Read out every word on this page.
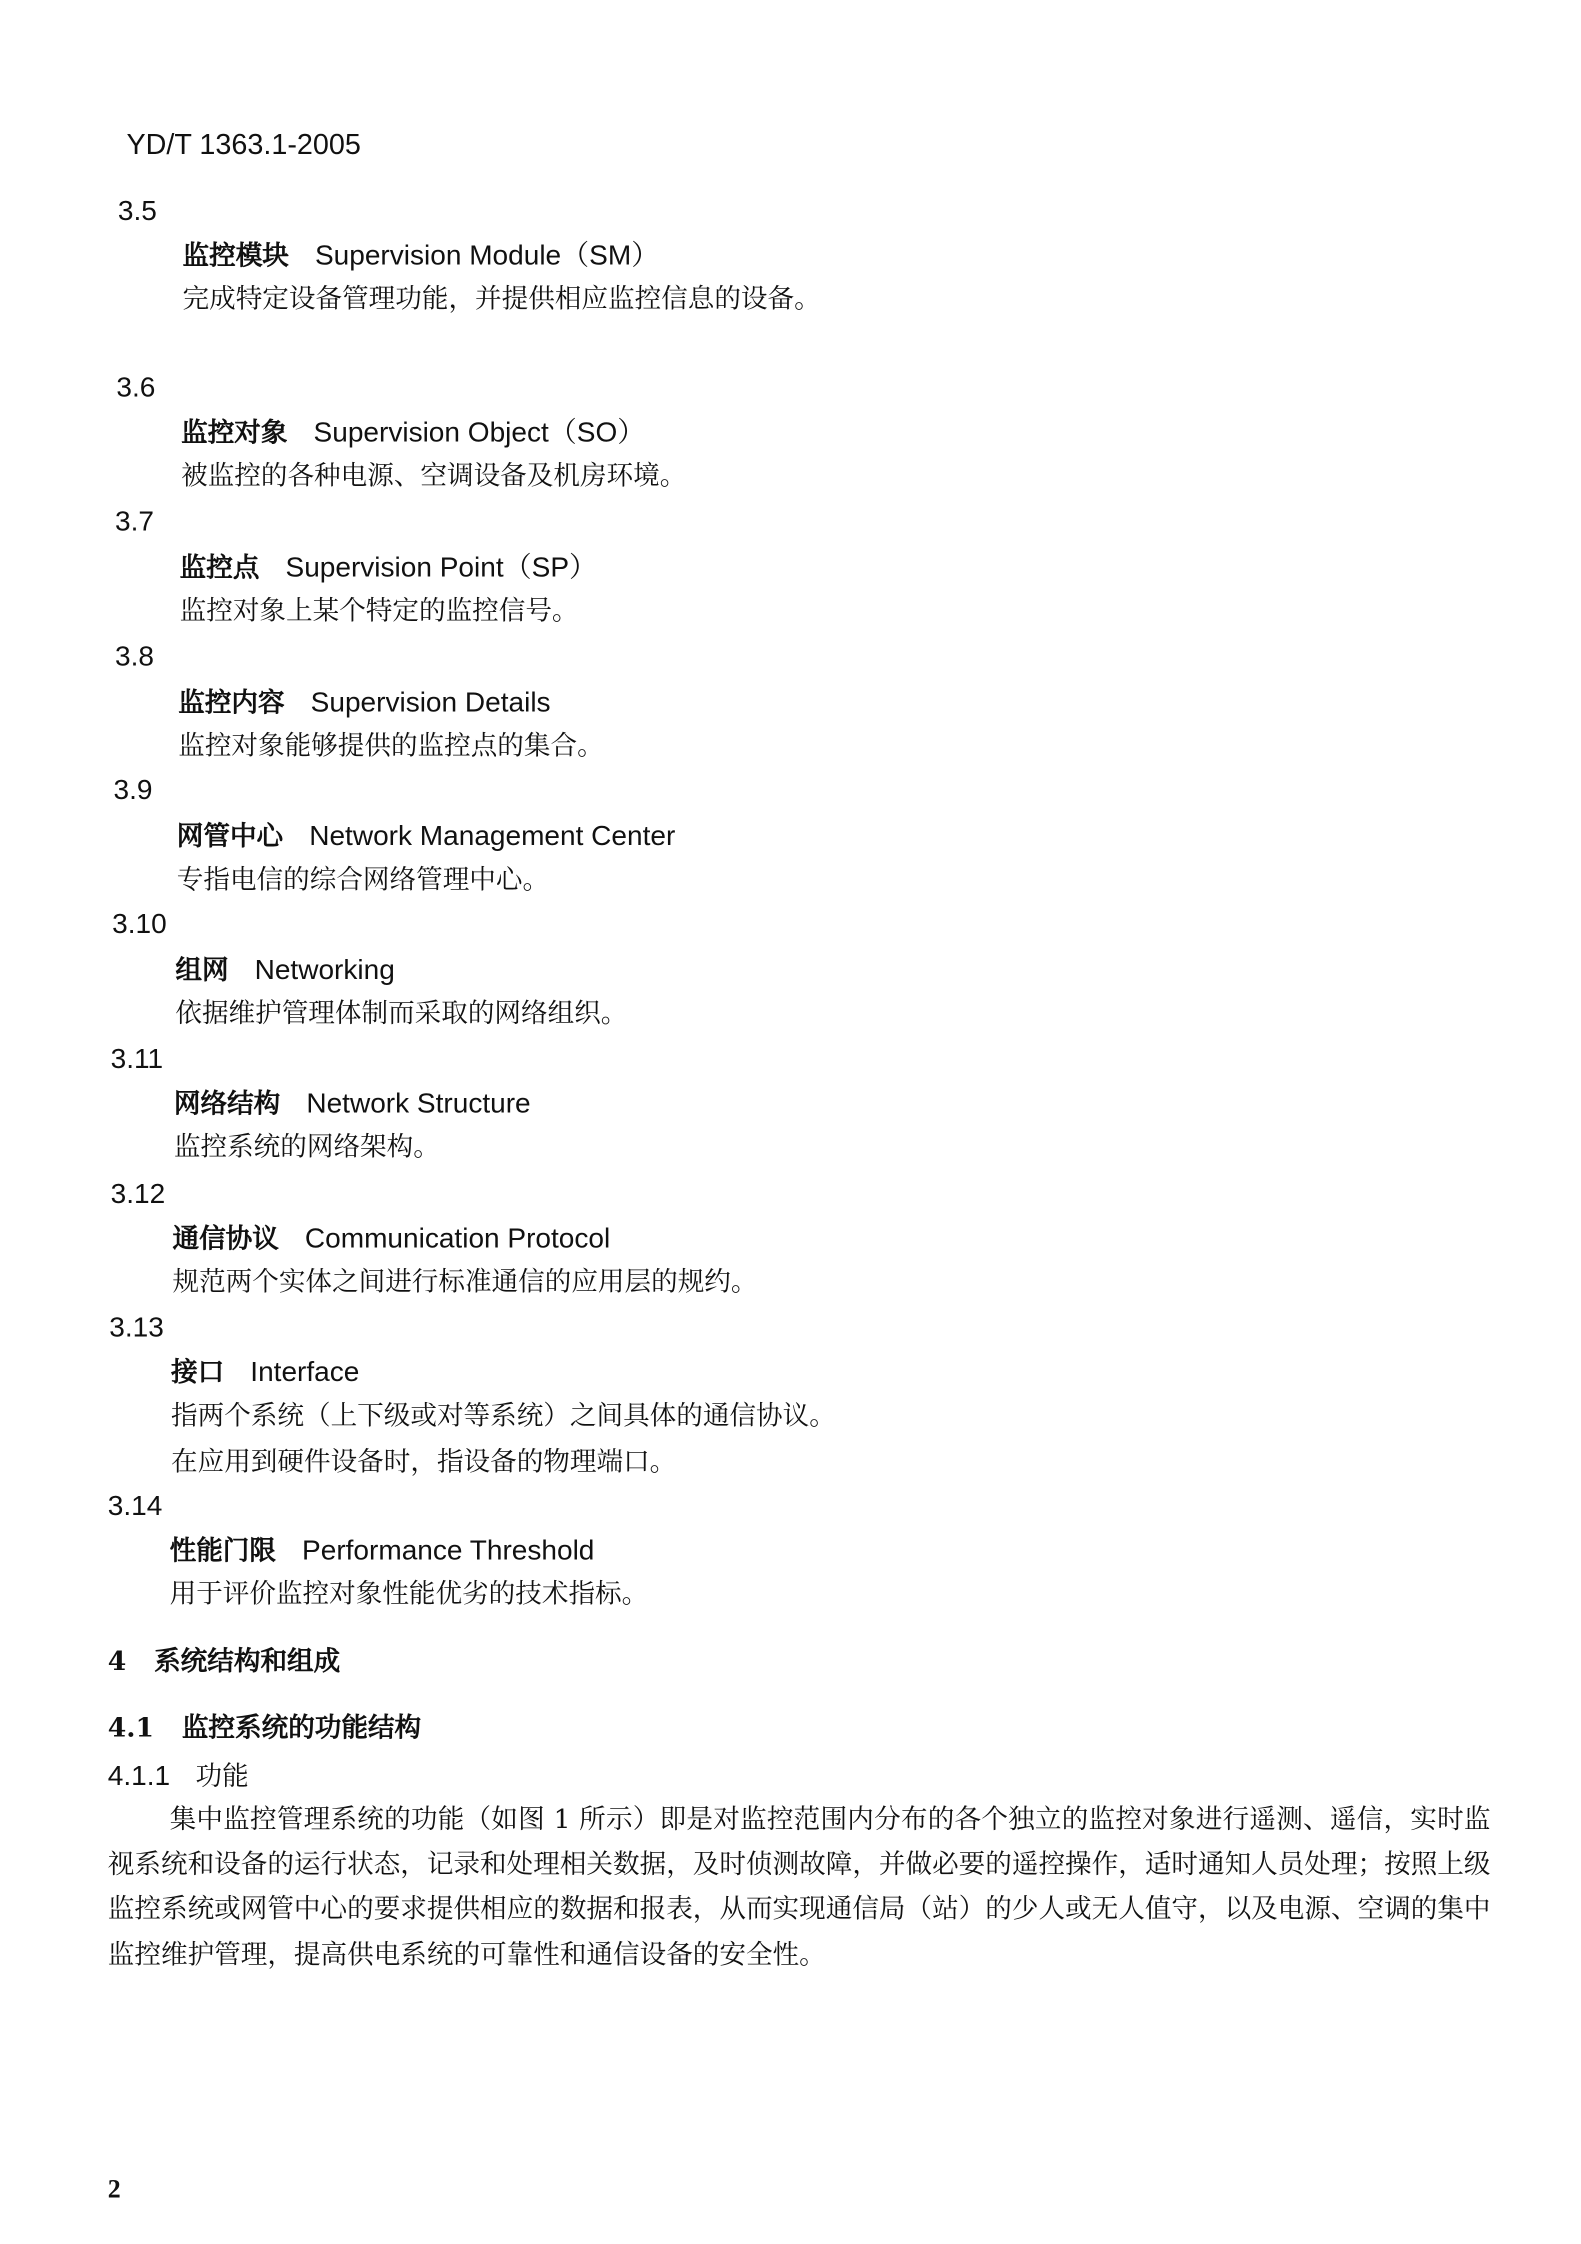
YD/T 1363.1-2005
3.5
监控模块 Supervision Module（SM）
完成特定设备管理功能，并提供相应监控信息的设备。
3.6
监控对象 Supervision Object（SO）
被监控的各种电源、空调设备及机房环境。
3.7
监控点 Supervision Point（SP）
监控对象上某个特定的监控信号。
3.8
监控内容 Supervision Details
监控对象能够提供的监控点的集合。
3.9
网管中心 Network Management Center
专指电信的综合网络管理中心。
3.10
组网 Networking
依据维护管理体制而采取的网络组织。
3.11
网络结构 Network Structure
监控系统的网络架构。
3.12
通信协议 Communication Protocol
规范两个实体之间进行标准通信的应用层的规约。
3.13
接口 Interface
指两个系统（上下级或对等系统）之间具体的通信协议。
在应用到硬件设备时，指设备的物理端口。
3.14
性能门限 Performance Threshold
用于评价监控对象性能优劣的技术指标。
4 系统结构和组成
4.1 监控系统的功能结构
4.1.1 功能
集中监控管理系统的功能（如图 1 所示）即是对监控范围内分布的各个独立的监控对象进行遥测、遥信，实时监视系统和设备的运行状态，记录和处理相关数据，及时侦测故障，并做必要的遥控操作，适时通知人员处理；按照上级监控系统或网管中心的要求提供相应的数据和报表，从而实现通信局（站）的少人或无人值守，以及电源、空调的集中监控维护管理，提高供电系统的可靠性和通信设备的安全性。
2
